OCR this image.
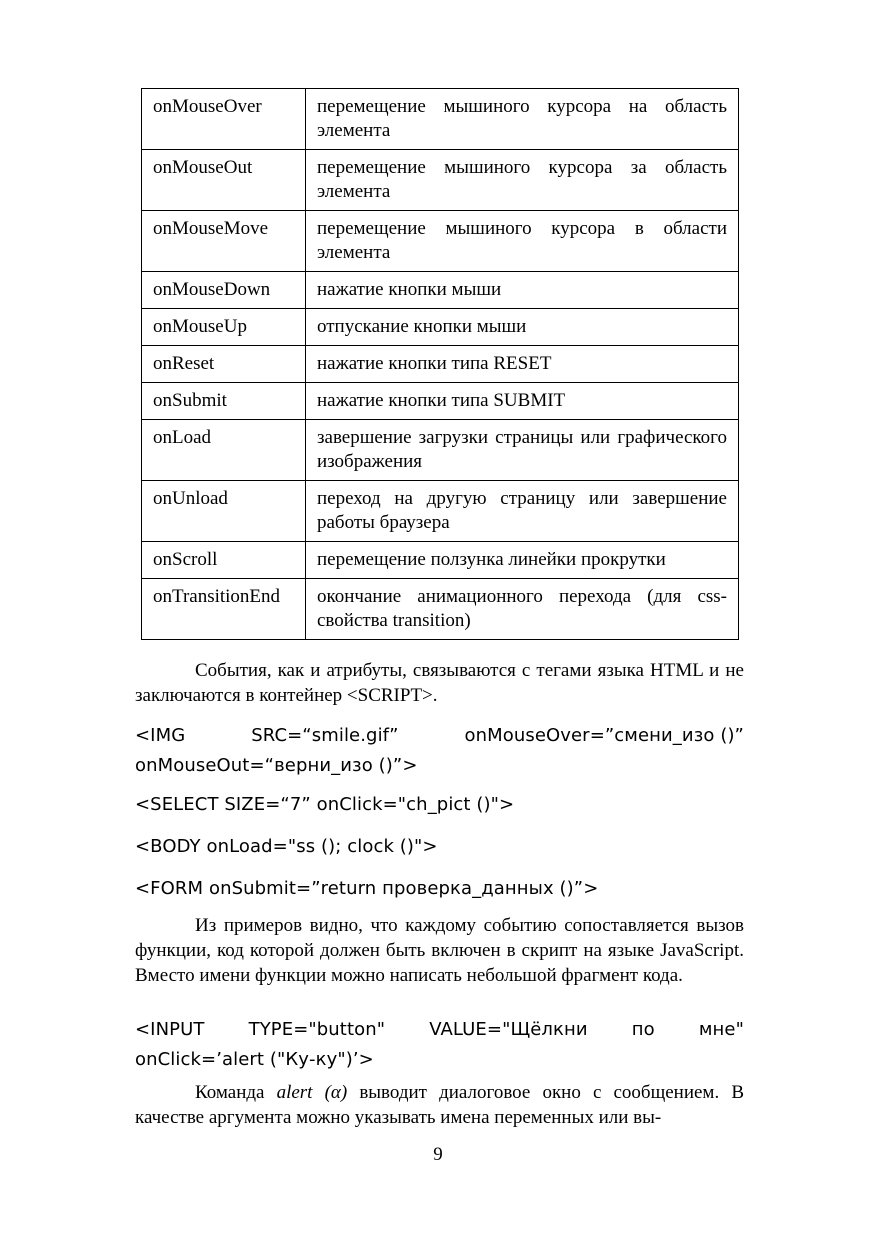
onMouseOver	перемещение мышиного курсора на область элемента
onMouseOut	перемещение мышиного курсора за область элемента
onMouseMove	перемещение мышиного курсора в области элемента
onMouseDown	нажатие кнопки мыши
onMouseUp	отпускание кнопки мыши
onReset	нажатие кнопки типа RESET
onSubmit	нажатие кнопки типа SUBMIT
onLoad	завершение загрузки страницы или графического изображения
onUnload	переход на другую страницу или завершение работы браузера
onScroll	перемещение ползунка линейки прокрутки
onTransitionEnd	окончание анимационного перехода (для css-свойства transition)
События, как и атрибуты, связываются с тегами языка HTML и не заключаются в контейнер <SCRIPT>.
<IMG	SRC=“smile.gif”	onMouseOver=”смени_изо ()”
onMouseOut=“верни_изо ()”>
<SELECT SIZE=“7” onClick="ch_pict ()">
<BODY onLoad="ss (); clock ()">
<FORM onSubmit=”return проверка_данных ()”>
Из примеров видно, что каждому событию сопоставляется вызов функции, код которой должен быть включен в скрипт на языке JavaScript. Вместо имени функции можно написать небольшой фрагмент кода.
<INPUT TYPE="button" VALUE="Щёлкни по мне"
onClick=’alert ("Ку-ку")’>
Команда alert (α) выводит диалоговое окно с сообщением. В качестве аргумента можно указывать имена переменных или вы-
9
